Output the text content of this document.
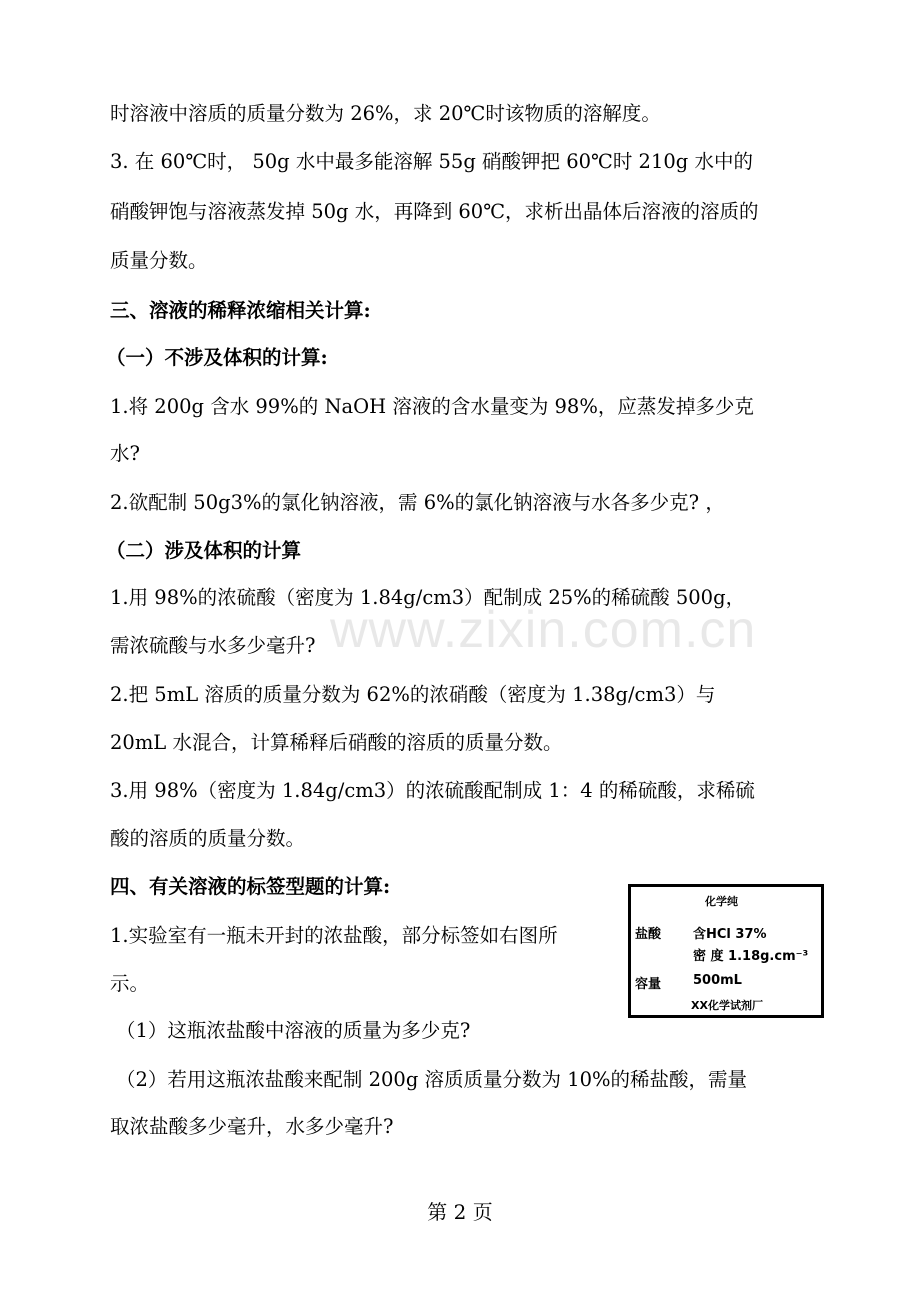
www.zixin.com.cn
时溶液中溶质的质量分数为 26%，求 20℃时该物质的溶解度。
3. 在 60℃时， 50g 水中最多能溶解 55g 硝酸钾把 60℃时 210g 水中的
硝酸钾饱与溶液蒸发掉 50g 水，再降到 60℃，求析出晶体后溶液的溶质的
质量分数。
三、溶液的稀释浓缩相关计算:
（一）不涉及体积的计算:
1.将 200g 含水 99%的 NaOH 溶液的含水量变为 98%，应蒸发掉多少克
水?
2.欲配制 50g3%的氯化钠溶液，需 6%的氯化钠溶液与水各多少克? ，
（二）涉及体积的计算
1.用 98%的浓硫酸（密度为 1.84g/cm3）配制成 25%的稀硫酸 500g，
需浓硫酸与水多少毫升?
2.把 5mL 溶质的质量分数为 62%的浓硝酸（密度为 1.38g/cm3）与
20mL 水混合，计算稀释后硝酸的溶质的质量分数。
3.用 98%（密度为 1.84g/cm3）的浓硫酸配制成 1：4 的稀硫酸，求稀硫
酸的溶质的质量分数。
四、有关溶液的标签型题的计算:
1.实验室有一瓶未开封的浓盐酸，部分标签如右图所
示。
（1）这瓶浓盐酸中溶液的质量为多少克?
（2）若用这瓶浓盐酸来配制 200g 溶质质量分数为 10%的稀盐酸，需量
取浓盐酸多少毫升，水多少毫升?
化学纯
盐酸 含HCl 37%
密 度 1.18g.cm⁻³
容量 500mL
XX化学试剂厂
第 2 页
